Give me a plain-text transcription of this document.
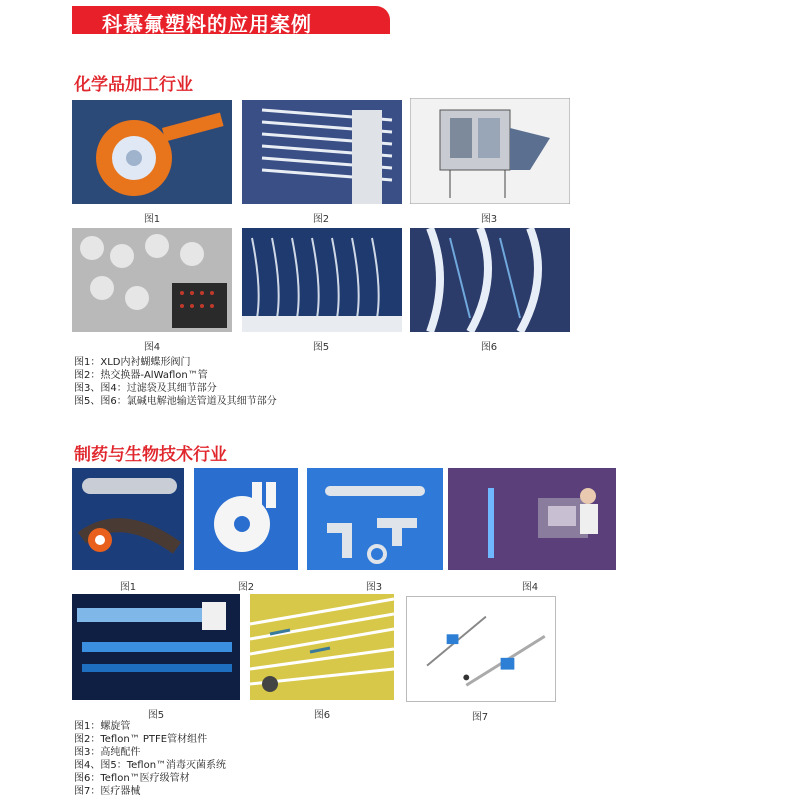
科慕氟塑料的应用案例
化学品加工行业
图1	图2	图3
图4	图5	图6
图1：XLD内衬蝴蝶形阀门
图2：热交换器-AlWaflon™管
图3、图4：过滤袋及其细节部分
图5、图6：氯碱电解池输送管道及其细节部分
制药与生物技术行业
图1	图2	图3	图4
图5	图6	图7
图1：螺旋管
图2：Teflon™ PTFE管材组件
图3：高纯配件
图4、图5：Teflon™消毒灭菌系统
图6：Teflon™医疗级管材
图7：医疗器械
